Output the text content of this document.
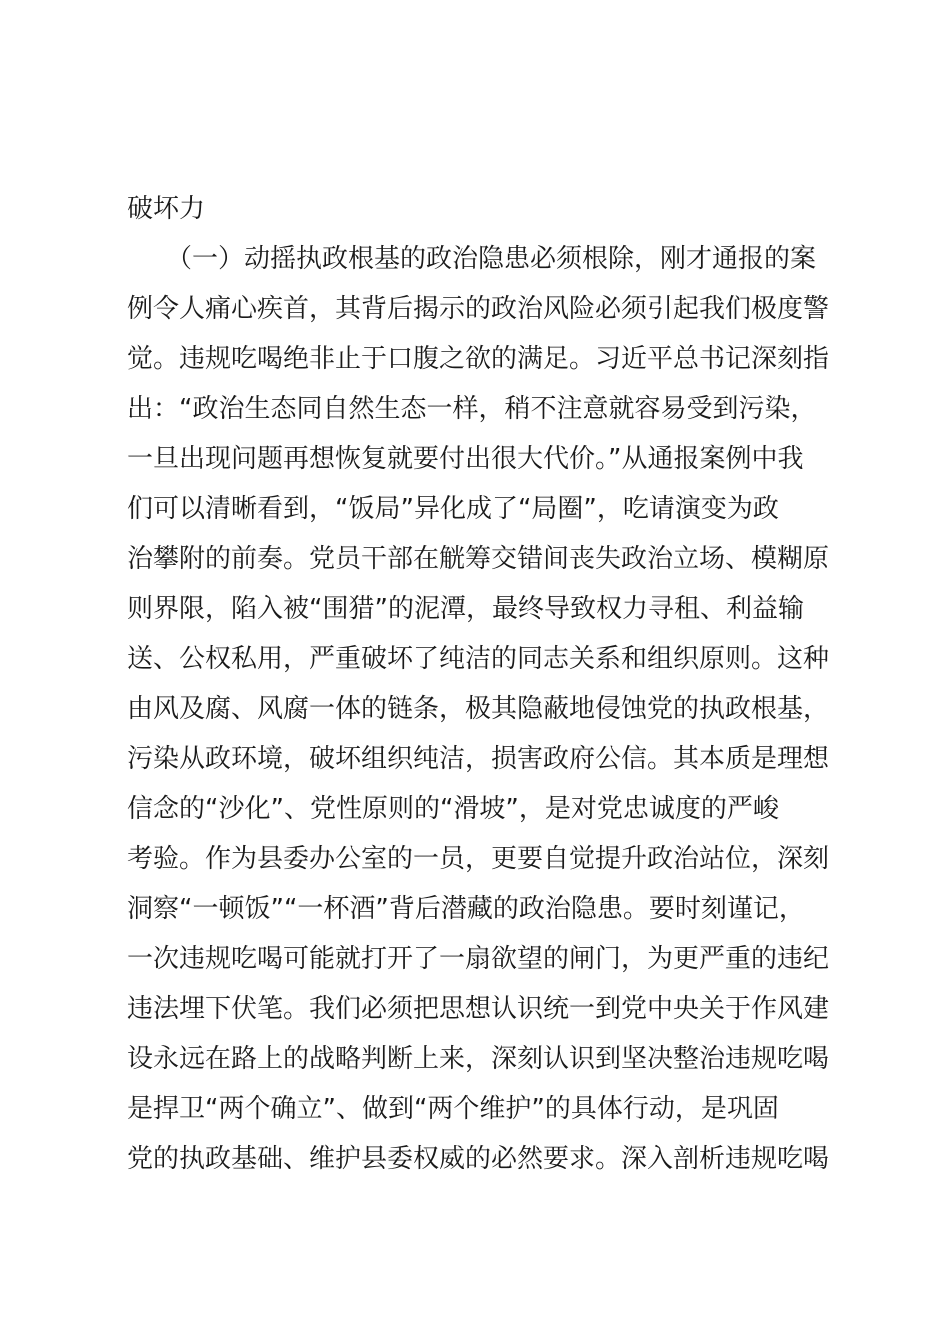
破坏力
　　（一）动摇执政根基的政治隐患必须根除，刚才通报的案
例令人痛心疾首，其背后揭示的政治风险必须引起我们极度警
觉。违规吃喝绝非止于口腹之欲的满足。习近平总书记深刻指
出：“政治生态同自然生态一样，稍不注意就容易受到污染，
一旦出现问题再想恢复就要付出很大代价。”从通报案例中我
们可以清晰看到，“饭局”异化成了“局圈”，吃请演变为政
治攀附的前奏。党员干部在觥筹交错间丧失政治立场、模糊原
则界限，陷入被“围猎”的泥潭，最终导致权力寻租、利益输
送、公权私用，严重破坏了纯洁的同志关系和组织原则。这种
由风及腐、风腐一体的链条，极其隐蔽地侵蚀党的执政根基，
污染从政环境，破坏组织纯洁，损害政府公信。其本质是理想
信念的“沙化”、党性原则的“滑坡”，是对党忠诚度的严峻
考验。作为县委办公室的一员，更要自觉提升政治站位，深刻
洞察“一顿饭”“一杯酒”背后潜藏的政治隐患。要时刻谨记，
一次违规吃喝可能就打开了一扇欲望的闸门，为更严重的违纪
违法埋下伏笔。我们必须把思想认识统一到党中央关于作风建
设永远在路上的战略判断上来，深刻认识到坚决整治违规吃喝
是捍卫“两个确立”、做到“两个维护”的具体行动，是巩固
党的执政基础、维护县委权威的必然要求。深入剖析违规吃喝
